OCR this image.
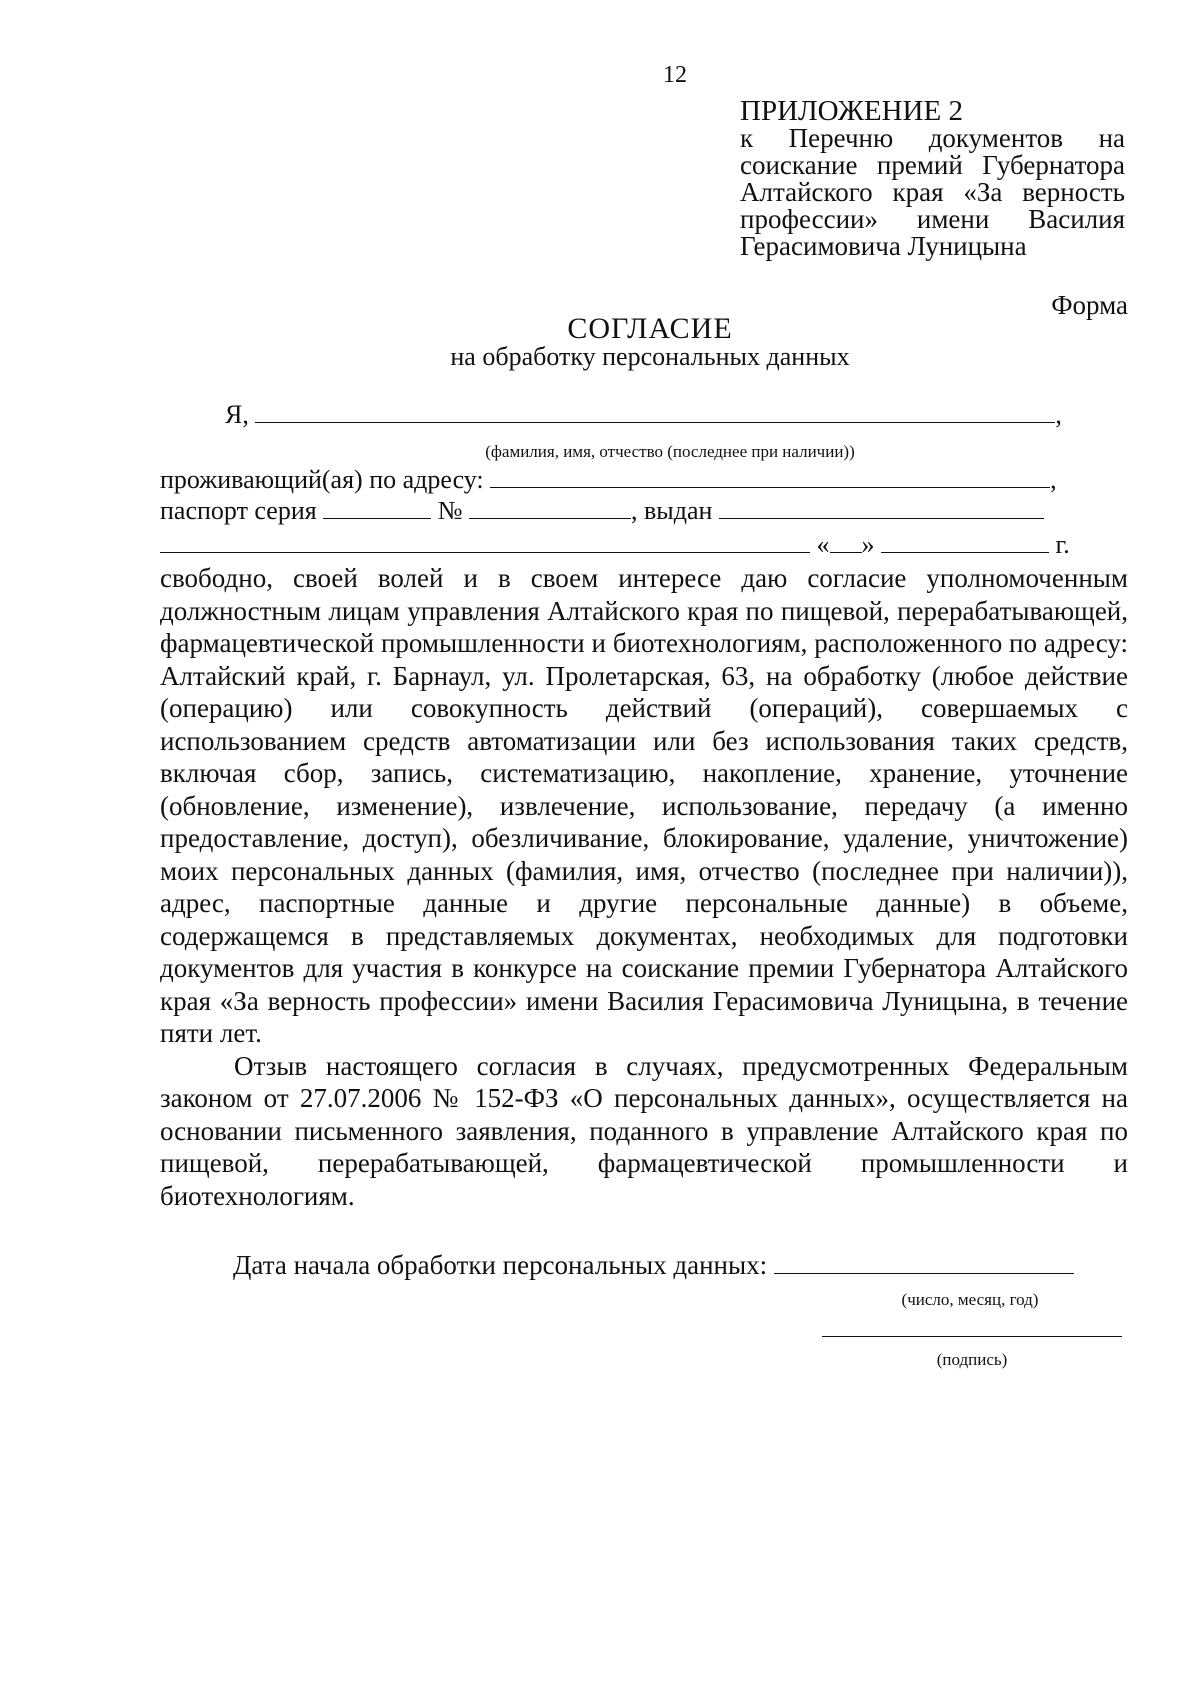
12
ПРИЛОЖЕНИЕ 2
к Перечню документов на соискание премий Губернатора Алтайского края «За верность профессии» имени Василия Герасимовича Луницына
Форма
СОГЛАСИЕ
на обработку персональных данных
Я,	,
(фамилия, имя, отчество (последнее при наличии))
проживающий(ая) по адресу:	,
паспорт серия	№	, выдан
« »	г.
свободно, своей волей и в своем интересе даю согласие уполномоченным должностным лицам управления Алтайского края по пищевой, перерабатывающей, фармацевтической промышленности и биотехнологиям, расположенного по адресу: Алтайский край, г. Барнаул, ул. Пролетарская, 63, на обработку (любое действие (операцию) или совокупность действий (операций), совершаемых с использованием средств автоматизации или без использования таких средств, включая сбор, запись, систематизацию, накопление, хранение, уточнение (обновление, изменение), извлечение, использование, передачу (а именно предоставление, доступ), обезличивание, блокирование, удаление, уничтожение) моих персональных данных (фамилия, имя, отчество (последнее при наличии)), адрес, паспортные данные и другие персональные данные) в объеме, содержащемся в представляемых документах, необходимых для подготовки документов для участия в конкурсе на соискание премии Губернатора Алтайского края «За верность профессии» имени Василия Герасимовича Луницына, в течение пяти лет.
Отзыв настоящего согласия в случаях, предусмотренных Федеральным законом от 27.07.2006 № 152-ФЗ «О персональных данных», осуществляется на основании письменного заявления, поданного в управление Алтайского края по пищевой, перерабатывающей, фармацевтической промышленности и биотехнологиям.
Дата начала обработки персональных данных:
(число, месяц, год)
(подпись)
